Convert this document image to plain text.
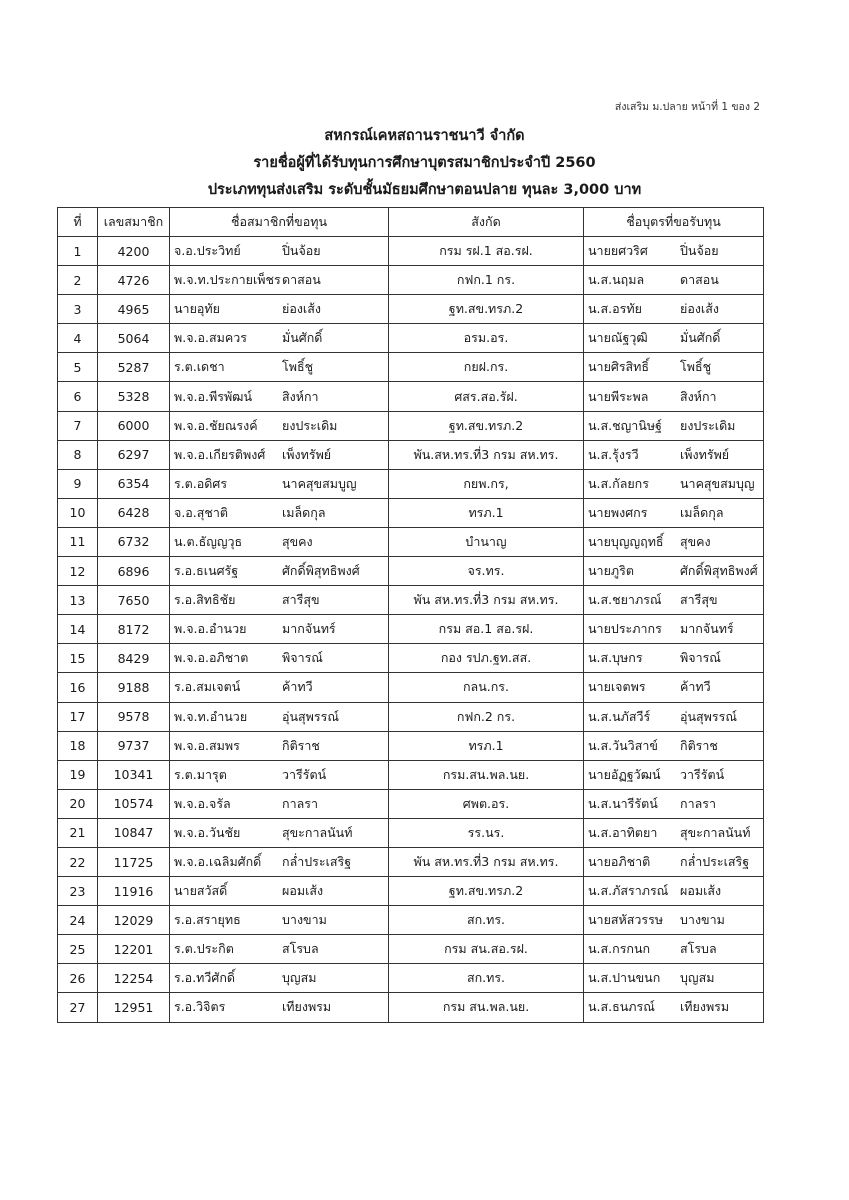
ส่งเสริม ม.ปลาย หน้าที่ 1 ของ 2
สหกรณ์เคหสถานราชนาวี จำกัด
รายชื่อผู้ที่ได้รับทุนการศึกษาบุตรสมาชิกประจำปี 2560
ประเภททุนส่งเสริม ระดับชั้นมัธยมศึกษาตอนปลาย ทุนละ 3,000 บาท
ที่	เลขสมาชิก	ชื่อสมาชิกที่ขอทุน	สังกัด	ชื่อบุตรที่ขอรับทุน
1	4200	จ.อ.ประวิทย์ ปิ่นจ้อย	กรม รฝ.1 สอ.รฝ.	นายยศวริศ ปิ่นจ้อย

2	4726	พ.จ.ท.ประกายเพ็ชร ดาสอน	กฟก.1 กร.	น.ส.นฤมล ดาสอน

3	4965	นายอุทัย ย่องเส้ง	ฐท.สข.ทรภ.2	น.ส.อรทัย ย่องเส้ง

4	5064	พ.จ.อ.สมควร มั่นศักดิ์	อรม.อร.	นายณัฐวุฒิ มั่นศักดิ์

5	5287	ร.ต.เดชา โพธิ์ชู	กยฝ.กร.	นายศิรสิทธิ์ โพธิ์ชู

6	5328	พ.จ.อ.พีรพัฒน์ สิงห์กา	ศสร.สอ.รัฝ.	นายพีระพล สิงห์กา

7	6000	พ.จ.อ.ชัยณรงค์ ยงประเดิม	ฐท.สข.ทรภ.2	น.ส.ชญานิษฐ์ ยงประเดิม

8	6297	พ.จ.อ.เกียรติพงศ์ เพ็งทรัพย์	พัน.สห.ทร.ที่3 กรม สห.ทร.	น.ส.รุ้งรวี เพ็งทรัพย์

9	6354	ร.ต.อดิศร นาคสุขสมบูญ	กยพ.กร,	น.ส.กัลยกร นาคสุขสมบุญ

10	6428	จ.อ.สุชาติ เมล็ดกุล	ทรภ.1	นายพงศกร เมล็ดกุล

11	6732	น.ต.ธัญญวุธ สุขคง	บำนาญ	นายบุญญฤทธิ์ สุขคง

12	6896	ร.อ.ธเนศรัฐ ศักดิ์พิสุทธิพงศ์	จร.ทร.	นายภูริต ศักดิ์พิสุทธิพงศ์

13	7650	ร.อ.สิทธิชัย สารีสุข	พัน สห.ทร.ที่3 กรม สห.ทร.	น.ส.ชยาภรณ์ สารีสุข

14	8172	พ.จ.อ.อำนวย มากจันทร์	กรม สอ.1 สอ.รฝ.	นายประภากร มากจันทร์

15	8429	พ.จ.อ.อภิชาต พิจารณ์	กอง รปภ.ฐท.สส.	น.ส.บุษกร พิจารณ์

16	9188	ร.อ.สมเจตน์ ค้าทวี	กลน.กร.	นายเจตพร ค้าทวี

17	9578	พ.จ.ท.อำนวย อุ่นสุพรรณ์	กฟก.2 กร.	น.ส.นภัสวีร์ อุ่นสุพรรณ์

18	9737	พ.จ.อ.สมพร กิติราช	ทรภ.1	น.ส.วันวิสาข์ กิติราช

19	10341	ร.ต.มารุต วารีรัตน์	กรม.สน.พล.นย.	นายอัฏฐวัฒน์ วารีรัตน์

20	10574	พ.จ.อ.จรัล กาลรา	ศพต.อร.	น.ส.นารีรัตน์ กาลรา

21	10847	พ.จ.อ.วันชัย สุขะกาลนันท์	รร.นร.	น.ส.อาทิตยา สุขะกาลนันท์

22	11725	พ.จ.อ.เฉลิมศักดิ์ กล่ำประเสริฐ	พัน สห.ทร.ที่3 กรม สห.ทร.	นายอภิชาติ กล่ำประเสริฐ

23	11916	นายสวัสดิ์ ผอมเส้ง	ฐท.สข.ทรภ.2	น.ส.ภัสราภรณ์ ผอมเส้ง

24	12029	ร.อ.สรายุทธ บางขาม	สก.ทร.	นายสหัสวรรษ บางขาม

25	12201	ร.ต.ประกิต สโรบล	กรม สน.สอ.รฝ.	น.ส.กรกนก สโรบล

26	12254	ร.อ.ทวีศักดิ์ บุญสม	สก.ทร.	น.ส.ปานขนก บุญสม

27	12951	ร.อ.วิจิตร เทียงพรม	กรม สน.พล.นย.	น.ส.ธนภรณ์ เทียงพรม
